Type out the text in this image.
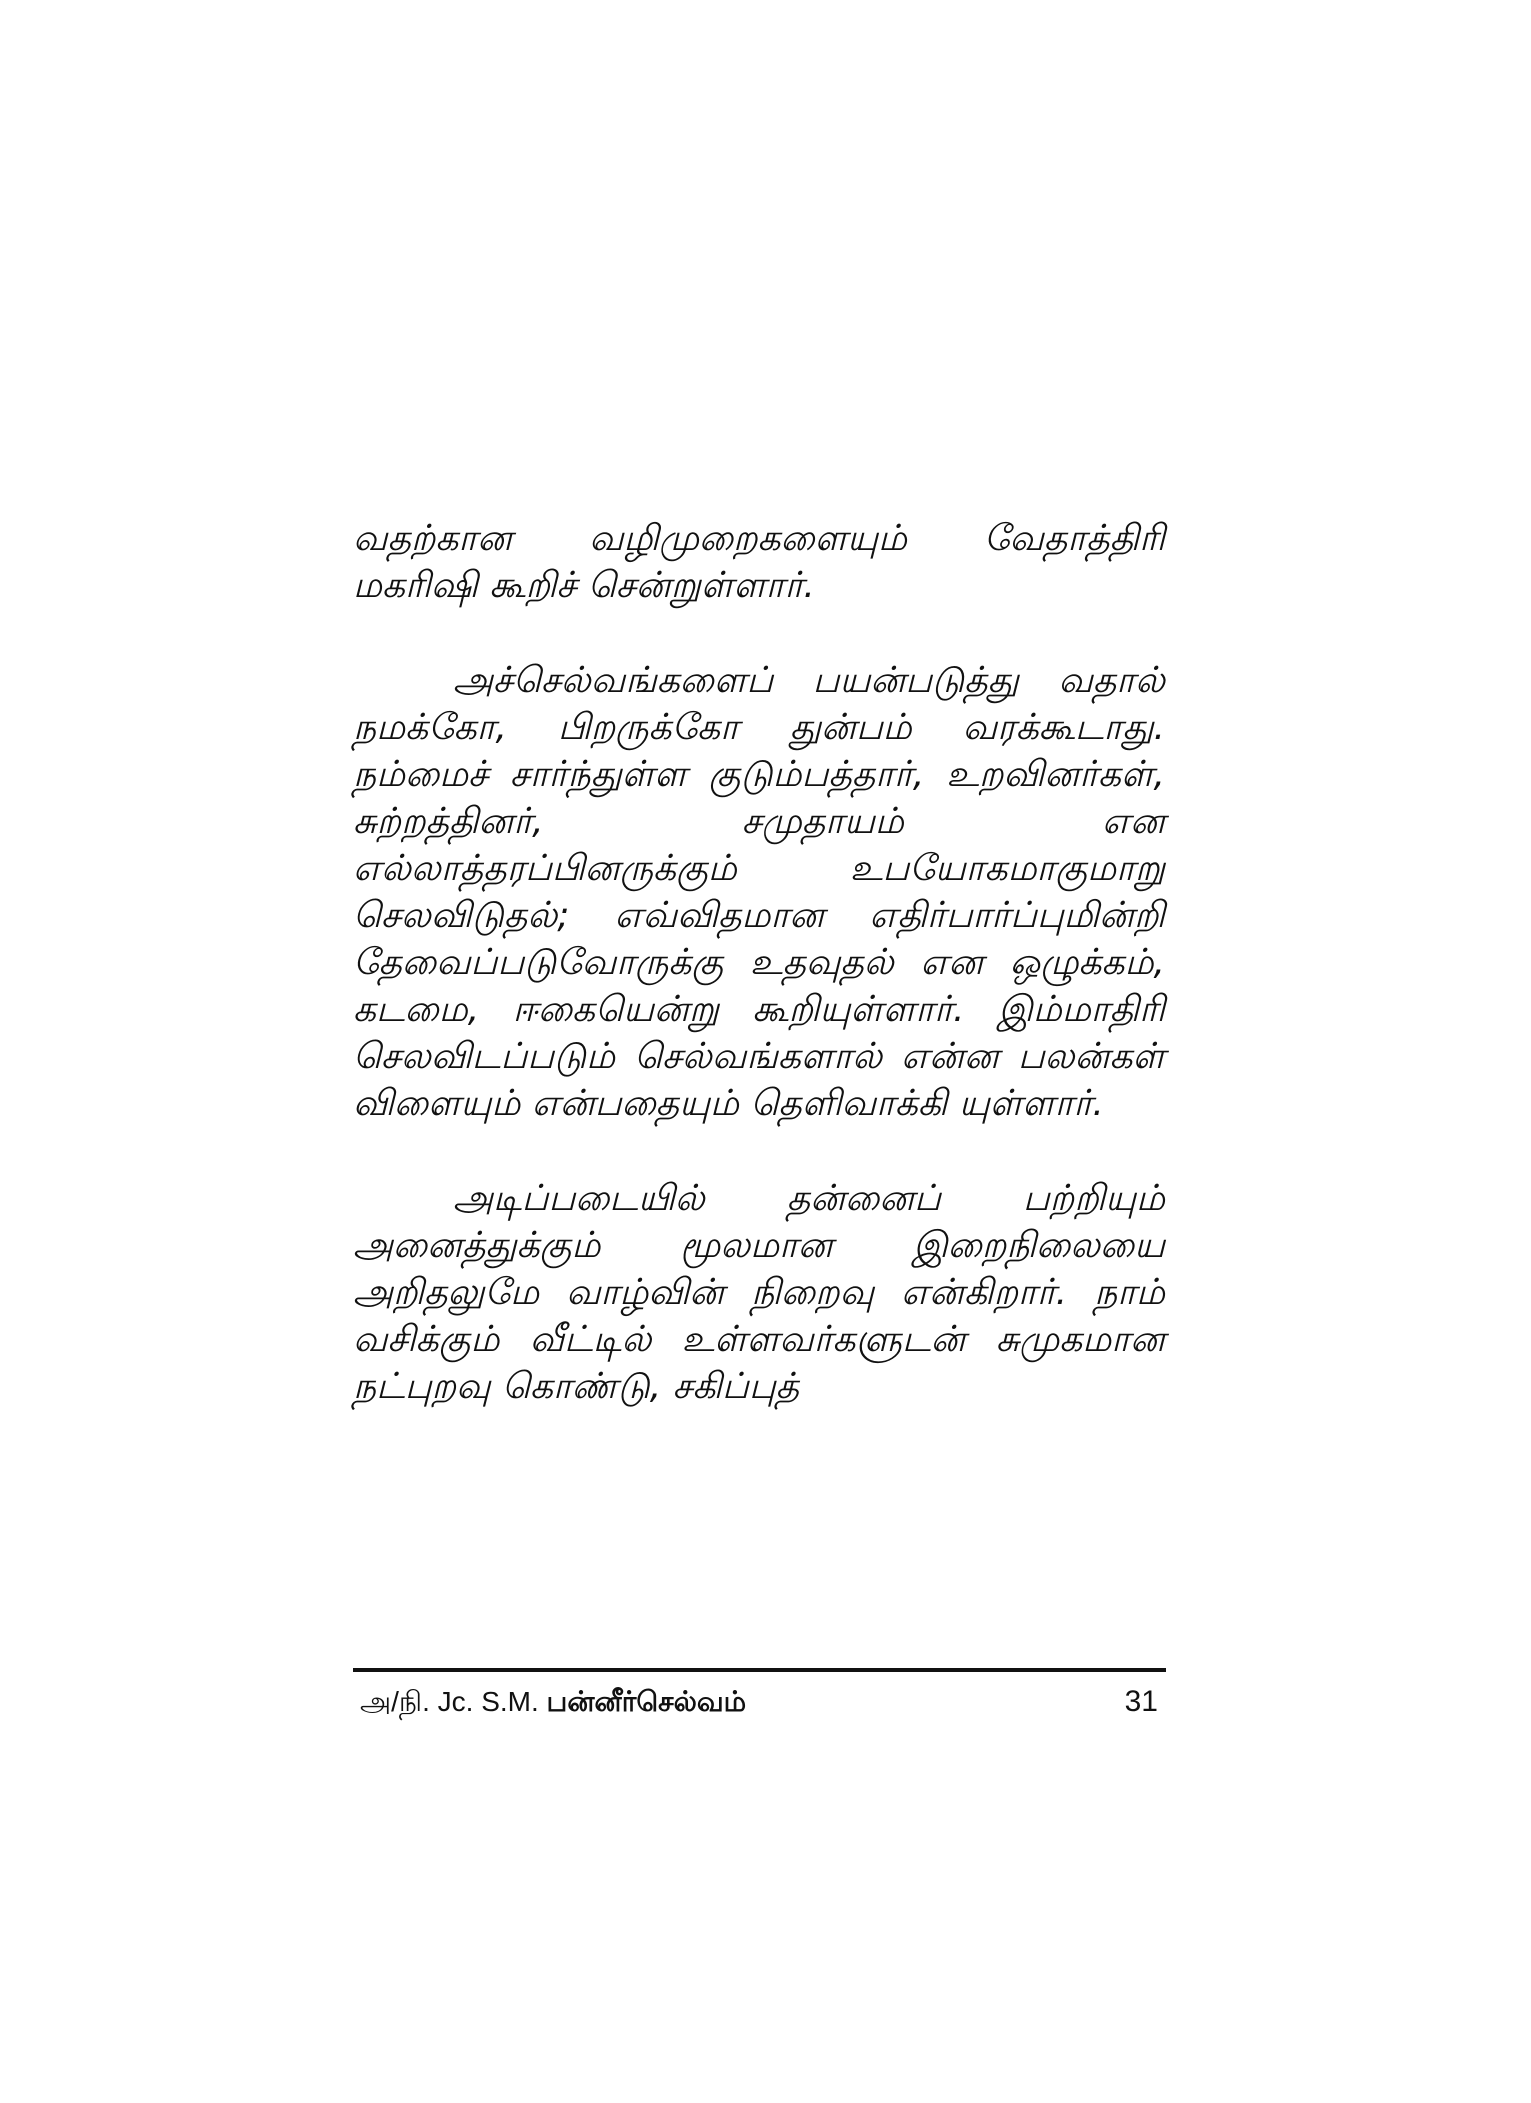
வதற்கான வழிமுறைகளையும் வேதாத்திரி மகரிஷி கூறிச் சென்றுள்ளார்.

அச்செல்வங்களைப் பயன்படுத்து வதால் நமக்கோ, பிறருக்கோ துன்பம் வரக்கூடாது. நம்மைச் சார்ந்துள்ள குடும்பத்தார், உறவினர்கள், சுற்றத்தினர், சமுதாயம் என எல்லாத்தரப்பினருக்கும் உபயோகமாகுமாறு செலவிடுதல்; எவ்விதமான எதிர்பார்ப்புமின்றி தேவைப்படுவோருக்கு உதவுதல் என ஒழுக்கம், கடமை, ஈகையென்று கூறியுள்ளார். இம்மாதிரி செலவிடப்படும் செல்வங்களால் என்ன பலன்கள் விளையும் என்பதையும் தெளிவாக்கி யுள்ளார்.

அடிப்படையில் தன்னைப் பற்றியும் அனைத்துக்கும் மூலமான இறைநிலையை அறிதலுமே வாழ்வின் நிறைவு என்கிறார். நாம் வசிக்கும் வீட்டில் உள்ளவர்களுடன் சுமுகமான நட்புறவு கொண்டு, சகிப்புத்

அ/நி. Jc. S.M. பன்னீர்செல்வம்	31
